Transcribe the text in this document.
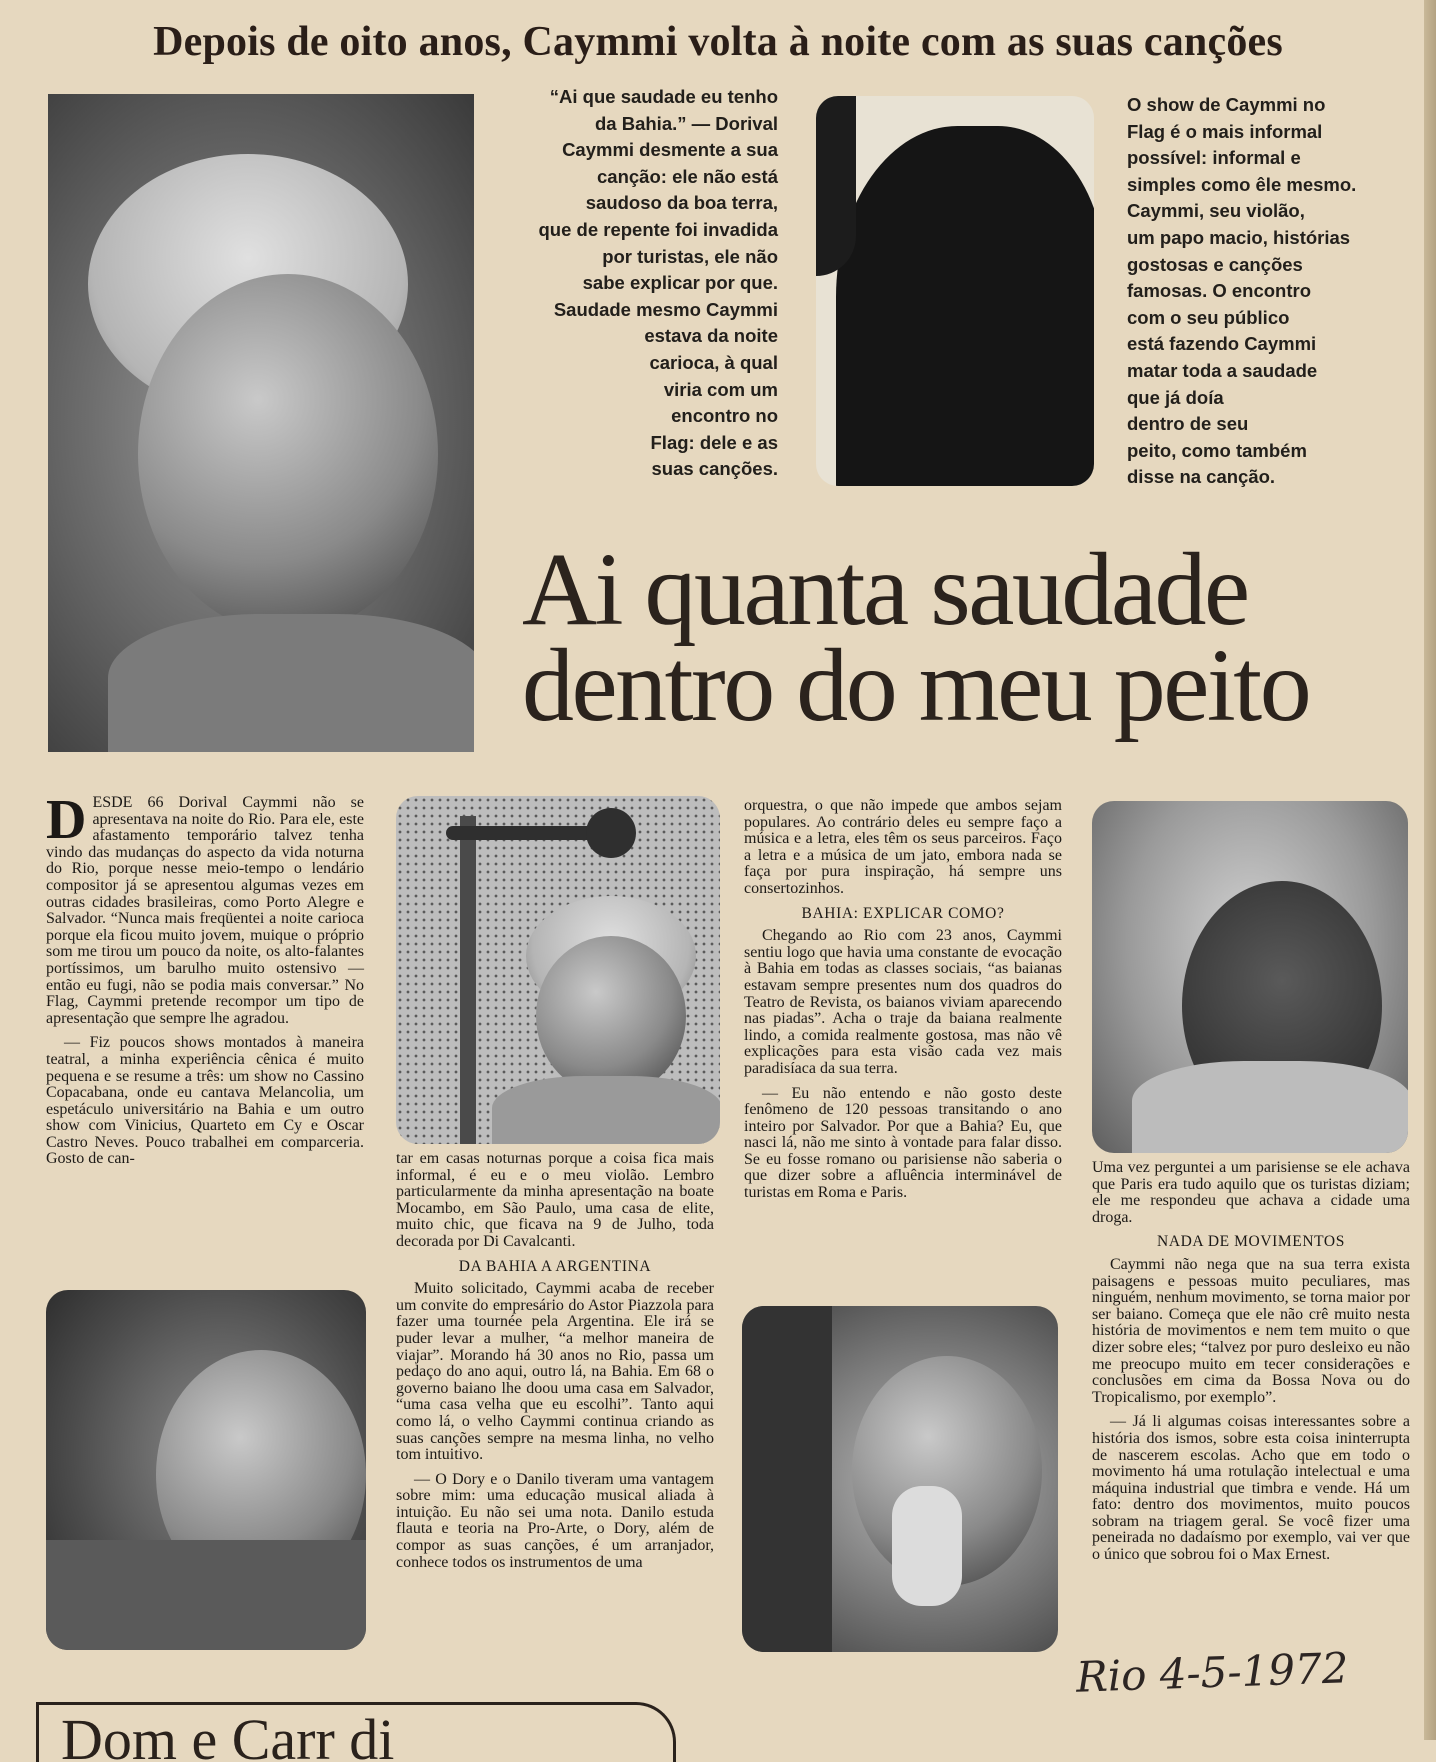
Depois de oito anos, Caymmi volta à noite com as suas canções
“Ai que saudade eu tenho
da Bahia.” — Dorival
Caymmi desmente a sua
canção: ele não está
saudoso da boa terra,
que de repente foi invadida
por turistas, ele não
sabe explicar por que.
Saudade mesmo Caymmi
estava da noite
carioca, à qual
viria com um
encontro no
Flag: dele e as
suas canções.
O show de Caymmi no
Flag é o mais informal
possível: informal e
simples como êle mesmo.
Caymmi, seu violão,
um papo macio, histórias
gostosas e canções
famosas. O encontro
com o seu público
está fazendo Caymmi
matar toda a saudade
que já doía
dentro de seu
peito, como também
disse na canção.
Ai quanta saudade
dentro do meu peito

DESDE 66 Dorival Caymmi não se apresentava na noite do Rio. Para ele, este afastamento temporário talvez tenha vindo das mudanças do aspecto da vida noturna do Rio, porque nesse meio-tempo o lendário compositor já se apresentou algumas vezes em outras cidades brasileiras, como Porto Alegre e Salvador. “Nunca mais freqüentei a noite carioca porque ela ficou muito jovem, muique o próprio som me tirou um pouco da noite, os alto-falantes portíssimos, um barulho muito ostensivo — então eu fugi, não se podia mais conversar.” No Flag, Caymmi pretende recompor um tipo de apresentação que sempre lhe agradou.

— Fiz poucos shows montados à maneira teatral, a minha experiência cênica é muito pequena e se resume a três: um show no Cassino Copacabana, onde eu cantava Melancolia, um espetáculo universitário na Bahia e um outro show com Vinicius, Quarteto em Cy e Oscar Castro Neves. Pouco trabalhei em comparceria. Gosto de can-	tar em casas noturnas porque a coisa fica mais informal, é eu e o meu violão. Lembro particularmente da minha apresentação na boate Mocambo, em São Paulo, uma casa de elite, muito chic, que ficava na 9 de Julho, toda decorada por Di Cavalcanti.

DA BAHIA A ARGENTINA

Muito solicitado, Caymmi acaba de receber um convite do empresário do Astor Piazzola para fazer uma tournée pela Argentina. Ele irá se puder levar a mulher, “a melhor maneira de viajar”. Morando há 30 anos no Rio, passa um pedaço do ano aqui, outro lá, na Bahia. Em 68 o governo baiano lhe doou uma casa em Salvador, “uma casa velha que eu escolhi”. Tanto aqui como lá, o velho Caymmi continua criando as suas canções sempre na mesma linha, no velho tom intuitivo.

— O Dory e o Danilo tiveram uma vantagem sobre mim: uma educação musical aliada à intuição. Eu não sei uma nota. Danilo estuda flauta e teoria na Pro-Arte, o Dory, além de compor as suas canções, é um arranjador, conhece todos os instrumentos de uma

orquestra, o que não impede que ambos sejam populares. Ao contrário deles eu sempre faço a música e a letra, eles têm os seus parceiros. Faço a letra e a música de um jato, embora nada se faça por pura inspiração, há sempre uns consertozinhos.

BAHIA: EXPLICAR COMO?

Chegando ao Rio com 23 anos, Caymmi sentiu logo que havia uma constante de evocação à Bahia em todas as classes sociais, “as baianas estavam sempre presentes num dos quadros do Teatro de Revista, os baianos viviam aparecendo nas piadas”. Acha o traje da baiana realmente lindo, a comida realmente gostosa, mas não vê explicações para esta visão cada vez mais paradisíaca da sua terra.

— Eu não entendo e não gosto deste fenômeno de 120 pessoas transitando o ano inteiro por Salvador. Por que a Bahia? Eu, que nasci lá, não me sinto à vontade para falar disso. Se eu fosse romano ou parisiense não saberia o que dizer sobre a afluência interminável de turistas em Roma e Paris.

Uma vez perguntei a um parisiense se ele achava que Paris era tudo aquilo que os turistas diziam; ele me respondeu que achava a cidade uma droga.

NADA DE MOVIMENTOS

Caymmi não nega que na sua terra exista paisagens e pessoas muito peculiares, mas ninguém, nenhum movimento, se torna maior por ser baiano. Começa que ele não crê muito nesta história de movimentos e nem tem muito o que dizer sobre eles; “talvez por puro desleixo eu não me preocupo muito em tecer considerações e conclusões em cima da Bossa Nova ou do Tropicalismo, por exemplo”.

— Já li algumas coisas interessantes sobre a história dos ismos, sobre esta coisa ininterrupta de nascerem escolas. Acho que em todo o movimento há uma rotulação intelectual e uma máquina industrial que timbra e vende. Há um fato: dentro dos movimentos, muito poucos sobram na triagem geral. Se você fizer uma peneirada no dadaísmo por exemplo, vai ver que o único que sobrou foi o Max Ernest.

Rio 4-5-1972
Dom e Carr di
